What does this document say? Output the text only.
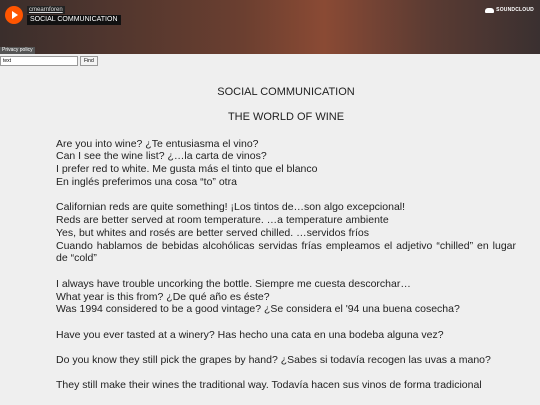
cmearnforen
SOCIAL COMMUNICATION
SOUNDCLOUD
Privacy policy
text
Find

SOCIAL COMMUNICATION

THE WORLD OF WINE

Are you into wine? ¿Te entusiasma el vino?
Can I see the wine list? ¿…la carta de vinos?
I prefer red to white. Me gusta más el tinto que el blanco
En inglés preferimos una cosa “to” otra

Californian reds are quite something! ¡Los tintos de…son algo excepcional!
Reds are better served at room temperature. …a temperature ambiente
Yes, but whites and rosés are better served chilled. …servidos fríos
Cuando hablamos de bebidas alcohólicas servidas frías empleamos el adjetivo “chilled” en lugar de “cold”

I always have trouble uncorking the bottle. Siempre me cuesta descorchar…
What year is this from? ¿De qué año es éste?
Was 1994 considered to be a good vintage? ¿Se considera el '94 una buena cosecha?

Have you ever tasted at a winery? Has hecho una cata en una bodeba alguna vez?

Do you know they still pick the grapes by hand? ¿Sabes si todavía recogen las uvas a mano?

They still make their wines the traditional way. Todavía hacen sus vinos de forma tradicional
